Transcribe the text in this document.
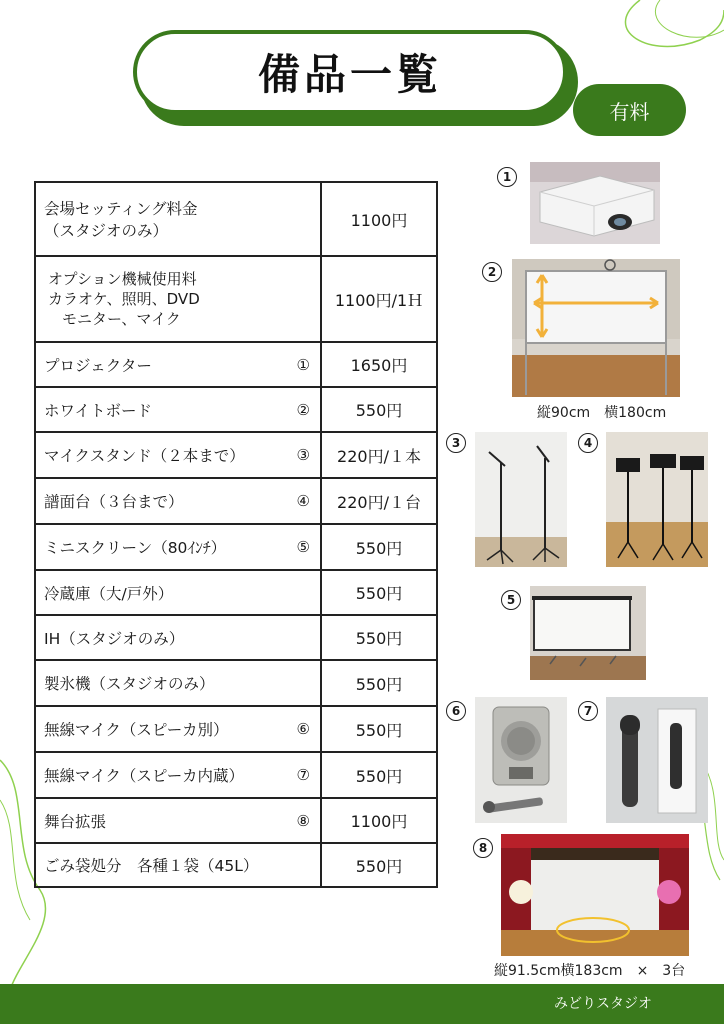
備品一覧
有料
会場セッティング料金
（スタジオのみ）	1100円

オプション機械使用料
カラオケ、照明、DVD
モニター、マイク	1100円/1Ｈ

プロジェクター ①	1650円

ホワイトボード ②	550円

マイクスタンド（２本まで） ③	220円/１本

譜面台（３台まで） ④	220円/１台

ミニスクリーン（80ｲﾝﾁ） ⑤	550円

冷蔵庫（大/戸外）	550円

IH（スタジオのみ）	550円

製氷機（スタジオのみ）	550円

無線マイク（スピーカ別） ⑥	550円

無線マイク（スピーカ内蔵） ⑦	550円

舞台拡張 ⑧	1100円

ごみ袋処分　各種１袋（45L）	550円
1
2
縦90cm　横180cm
3	4
5
6	7
8
縦91.5cm横183cm　×　3台
みどりスタジオ
